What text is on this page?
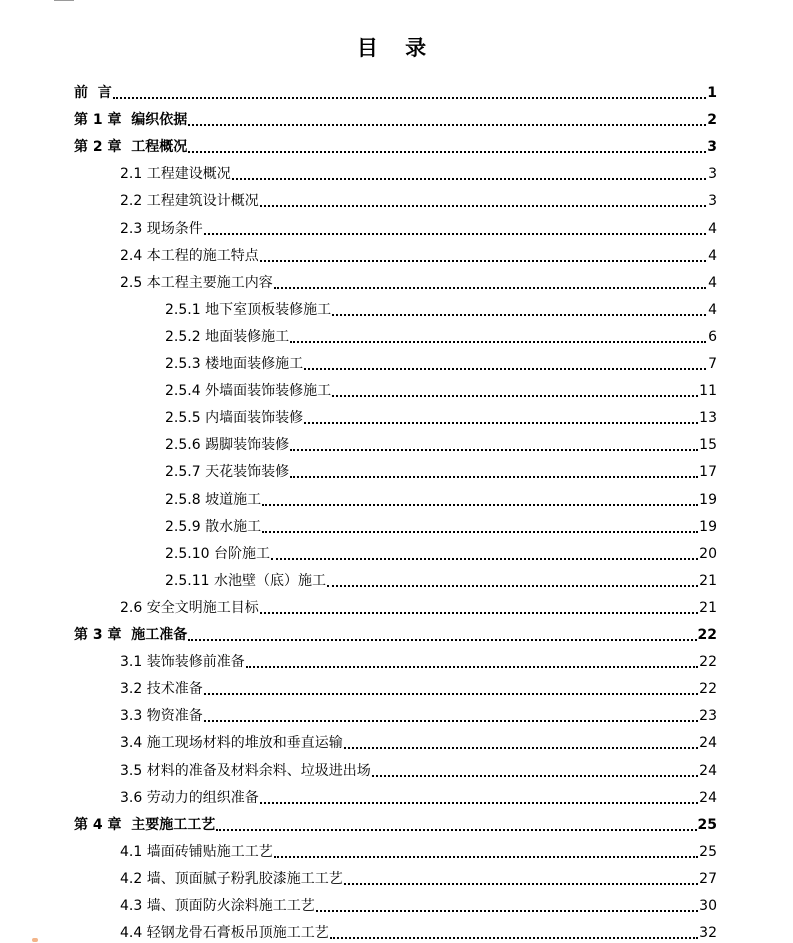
目 录
前  言	1
第 1 章  编织依据	2
第 2 章  工程概况	3
2.1 工程建设概况	3
2.2 工程建筑设计概况	3
2.3 现场条件	4
2.4 本工程的施工特点	4
2.5 本工程主要施工内容	4
2.5.1 地下室顶板装修施工	4
2.5.2 地面装修施工	6
2.5.3 楼地面装修施工	7
2.5.4 外墙面装饰装修施工	11
2.5.5 内墙面装饰装修	13
2.5.6 踢脚装饰装修	15
2.5.7 天花装饰装修	17
2.5.8 坡道施工	19
2.5.9 散水施工	19
2.5.10 台阶施工	20
2.5.11 水池壁（底）施工	21
2.6 安全文明施工目标	21
第 3 章  施工准备	22
3.1 装饰装修前准备	22
3.2 技术准备	22
3.3 物资准备	23
3.4 施工现场材料的堆放和垂直运输	24
3.5 材料的准备及材料余料、垃圾进出场	24
3.6 劳动力的组织准备	24
第 4 章  主要施工工艺	25
4.1 墙面砖铺贴施工工艺	25
4.2 墙、顶面腻子粉乳胶漆施工工艺	27
4.3 墙、顶面防火涂料施工工艺	30
4.4 轻钢龙骨石膏板吊顶施工工艺	32
